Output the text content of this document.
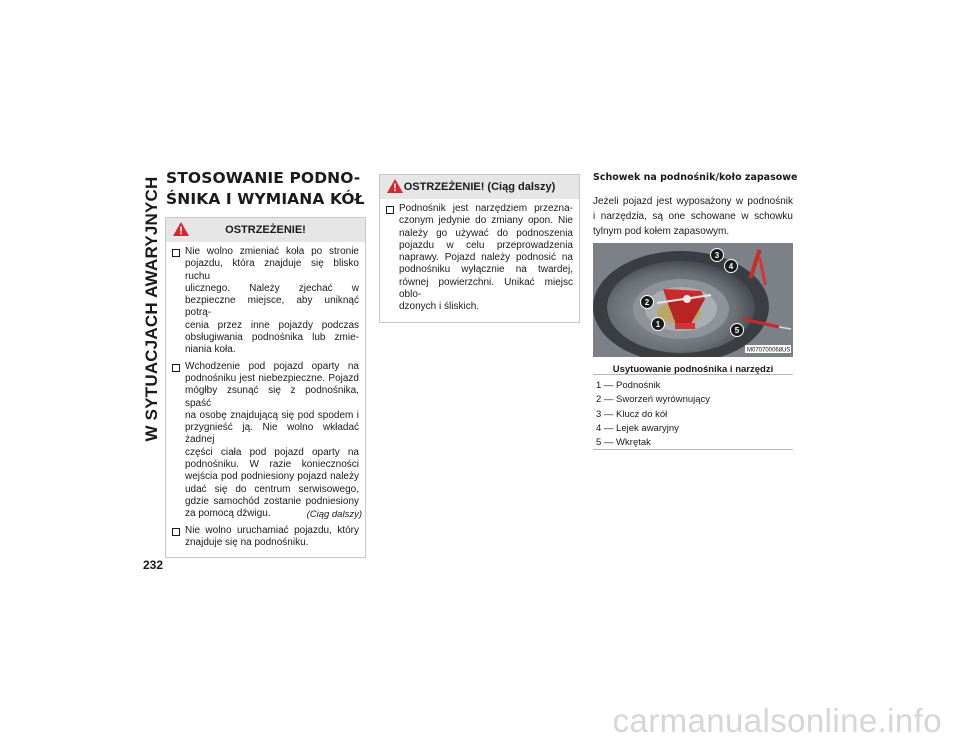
W SYTUACJACH AWARYJNYCH
232
STOSOWANIE PODNO-
ŚNIKA I WYMIANA KÓŁ
OSTRZEŻENIE!
Nie wolno zmieniać koła po stronie
pojazdu, która znajduje się blisko ruchu
ulicznego. Należy zjechać w
bezpieczne miejsce, aby uniknąć potrą-
cenia przez inne pojazdy podczas
obsługiwania podnośnika lub zmie-
niania koła.
Wchodzenie pod pojazd oparty na
podnośniku jest niebezpieczne. Pojazd
mógłby zsunąć się z podnośnika, spaść
na osobę znajdującą się pod spodem i
przygnieść ją. Nie wolno wkładać żadnej
części ciała pod pojazd oparty na
podnośniku. W razie konieczności
wejścia pod podniesiony pojazd należy
udać się do centrum serwisowego,
gdzie samochód zostanie podniesiony
za pomocą dźwigu.
Nie wolno uruchamiać pojazdu, który
znajduje się na podnośniku.
(Ciąg dalszy)
OSTRZEŻENIE! (Ciąg dalszy)
Podnośnik jest narzędziem przezna-
czonym jedynie do zmiany opon. Nie
należy go używać do podnoszenia
pojazdu w celu przeprowadzenia
naprawy. Pojazd należy podnosić na
podnośniku wyłącznie na twardej,
równej powierzchni. Unikać miejsc oblo-
dzonych i śliskich.
Schowek na podnośnik/koło zapasowe
Jeżeli pojazd jest wyposażony w podnośnik
i narzędzia, są one schowane w schowku
tylnym pod kołem zapasowym.
M070700068US
1
2
3
4
5
Usytuowanie podnośnika i narzędzi
1 — Podnośnik
2 — Sworzeń wyrównujący
3 — Klucz do kół
4 — Lejek awaryjny
5 — Wkrętak
carmanualsonline.info
